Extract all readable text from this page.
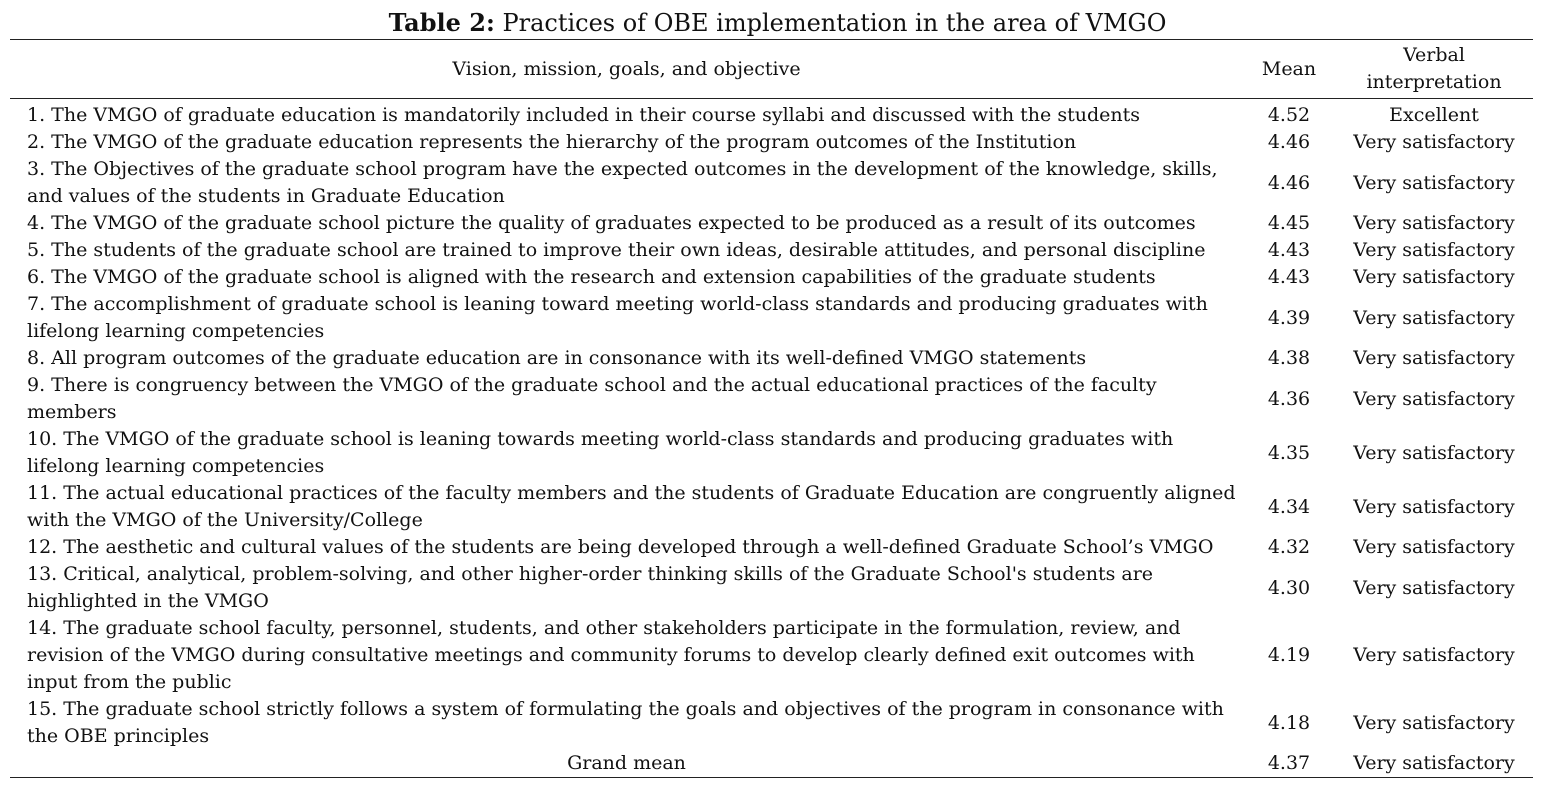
Table 2: Practices of OBE implementation in the area of VMGO
Vision, mission, goals, and objective	Mean	Verbal
interpretation
1. The VMGO of graduate education is mandatorily included in their course syllabi and discussed with the students	4.52	Excellent
2. The VMGO of the graduate education represents the hierarchy of the program outcomes of the Institution	4.46	Very satisfactory
3. The Objectives of the graduate school program have the expected outcomes in the development of the knowledge, skills, and values of the students in Graduate Education	4.46	Very satisfactory
4. The VMGO of the graduate school picture the quality of graduates expected to be produced as a result of its outcomes	4.45	Very satisfactory
5. The students of the graduate school are trained to improve their own ideas, desirable attitudes, and personal discipline	4.43	Very satisfactory
6. The VMGO of the graduate school is aligned with the research and extension capabilities of the graduate students	4.43	Very satisfactory
7. The accomplishment of graduate school is leaning toward meeting world-class standards and producing graduates with lifelong learning competencies	4.39	Very satisfactory
8. All program outcomes of the graduate education are in consonance with its well-defined VMGO statements	4.38	Very satisfactory
9. There is congruency between the VMGO of the graduate school and the actual educational practices of the faculty members	4.36	Very satisfactory
10. The VMGO of the graduate school is leaning towards meeting world-class standards and producing graduates with lifelong learning competencies	4.35	Very satisfactory
11. The actual educational practices of the faculty members and the students of Graduate Education are congruently aligned with the VMGO of the University/College	4.34	Very satisfactory
12. The aesthetic and cultural values of the students are being developed through a well-defined Graduate School’s VMGO	4.32	Very satisfactory
13. Critical, analytical, problem-solving, and other higher-order thinking skills of the Graduate School's students are highlighted in the VMGO	4.30	Very satisfactory
14. The graduate school faculty, personnel, students, and other stakeholders participate in the formulation, review, and revision of the VMGO during consultative meetings and community forums to develop clearly defined exit outcomes with input from the public	4.19	Very satisfactory
15. The graduate school strictly follows a system of formulating the goals and objectives of the program in consonance with the OBE principles	4.18	Very satisfactory
Grand mean	4.37	Very satisfactory
